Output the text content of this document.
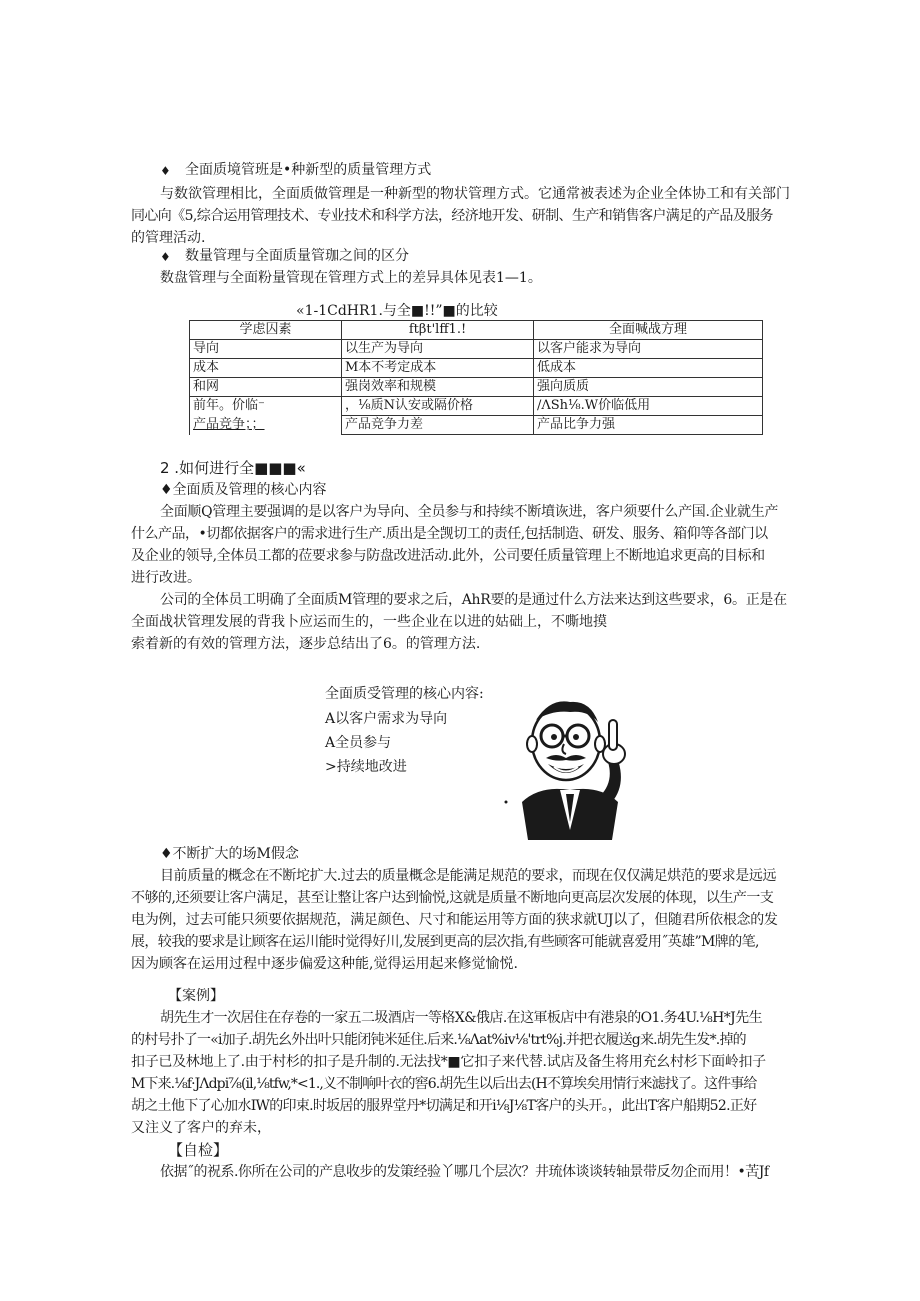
♦ 全面质境管班是•种新型的质量管理方式
与数欲管理相比，全面质做管理是一种新型的物状管理方式。它通常被表述为企业全体协工和有关部门
同心向《5,综合运用管理技术、专业技术和科学方法，经济地开发、研制、生产和销售客户满足的产品及服务
的管理活动.
♦ 数量管理与全面质量管珈之间的区分
数盘管理与全面粉量管现在管理方式上的差异具体见表1—1。
«1-1CdHR1.与全■!!”■的比较
学虑囚素	ftβt'lff1.!	全面喊战方理
导向	以生产为导向	以客户能求为导向
成本	M本不考定成本	低成本
和网	强岗效率和规模	强向质质
前年。价临⁻	，⅛质N认安或隔价格	/ΛSh⅛.W价临低用
产品竞争；；	产品竞争力差	产品比争力强
2 .如何进行全■■■«
♦全面质及管理的核心内容
全面顺Q管理主要强调的是以客户为导向、全员参与和持续不断墳诙进，客户须要什么产国.企业就生产
什么产品，•切都依据客户的需求进行生产.质出是全觊切工的责任,包括制造、研发、服务、箱仰等各部门以
及企业的领导,全体员工都的莅要求参与防盘改进活动.此外，公司要任质量管理上不断地追求更高的目标和
进行改进。
公司的全体员工明确了全面质M管理的要求之后，AhR要的是通过什么方法来达到这些要求，6。正是在
全面战状管理发展的背我卜应运而生的，一些企业在以进的姑础上，不嘶地摸
索着新的有效的管理方法，逐步总结出了6。的管理方法.
全面质受管理的核心内容:
A以客户需求为导向
A全员参与
>持续地改进
♦不断扩大的场M假念
目前质量的概念在不断坨扩大.过去的质量概念是能满足规范的要求，而现在仅仅满足烘范的要求是远远
不够的,还须要让客户满足，甚至让整让客户达到愉悦,这就是质量不断地向更高层次发展的体现，以生产一支
电为例，过去可能只须要依据规范，满足颜色、尺寸和能运用等方面的狭求就UJ以了，但随君所依根念的发
展，较我的要求是让顾客在运川能时觉得好川,发展到更高的层次指,有些顾客可能就喜爱用˝英雄”M牌的笔,
因为顾客在运用过程中逐步偏爱这种能,觉得运用起来修觉愉悦.
【案例】
胡先生才一次居住在存卷的一家五二圾酒店一等格X&俄店.在这軍板店中有港泉的O1.务4U.⅛H*J先生
的村号扑了一«i加子.胡先幺外出叶只能闭钝米延住.后来.⅛Λat%iv⅛'trt%j.并把衣履送g来.胡先生发*.掉的
扣子已及林地上了.由于村杉的扣子是升制的.无法找*■它扣子来代替.试店及备生将用充幺村杉下面岭扣子
M下来.⅛f·JΛdpi⅞(il,⅛tfw,*<1.,义不制响叶衣的窖6.胡先生以后出去(H不算埃矣用情行来滤找了。这件事给
胡之土他下了心加水IW的印束.时坂居的服界堂丹*切满足和开i⅛J⅛T客户的头开。，此出T客户船期52.正好
又注义了客户的弃未，
【自检】
依据˝的祝系.你所在公司的产息收步的发策经验丫哪几个层次？井琉体谈谈转轴景带反勿企而用！•苦Jf
